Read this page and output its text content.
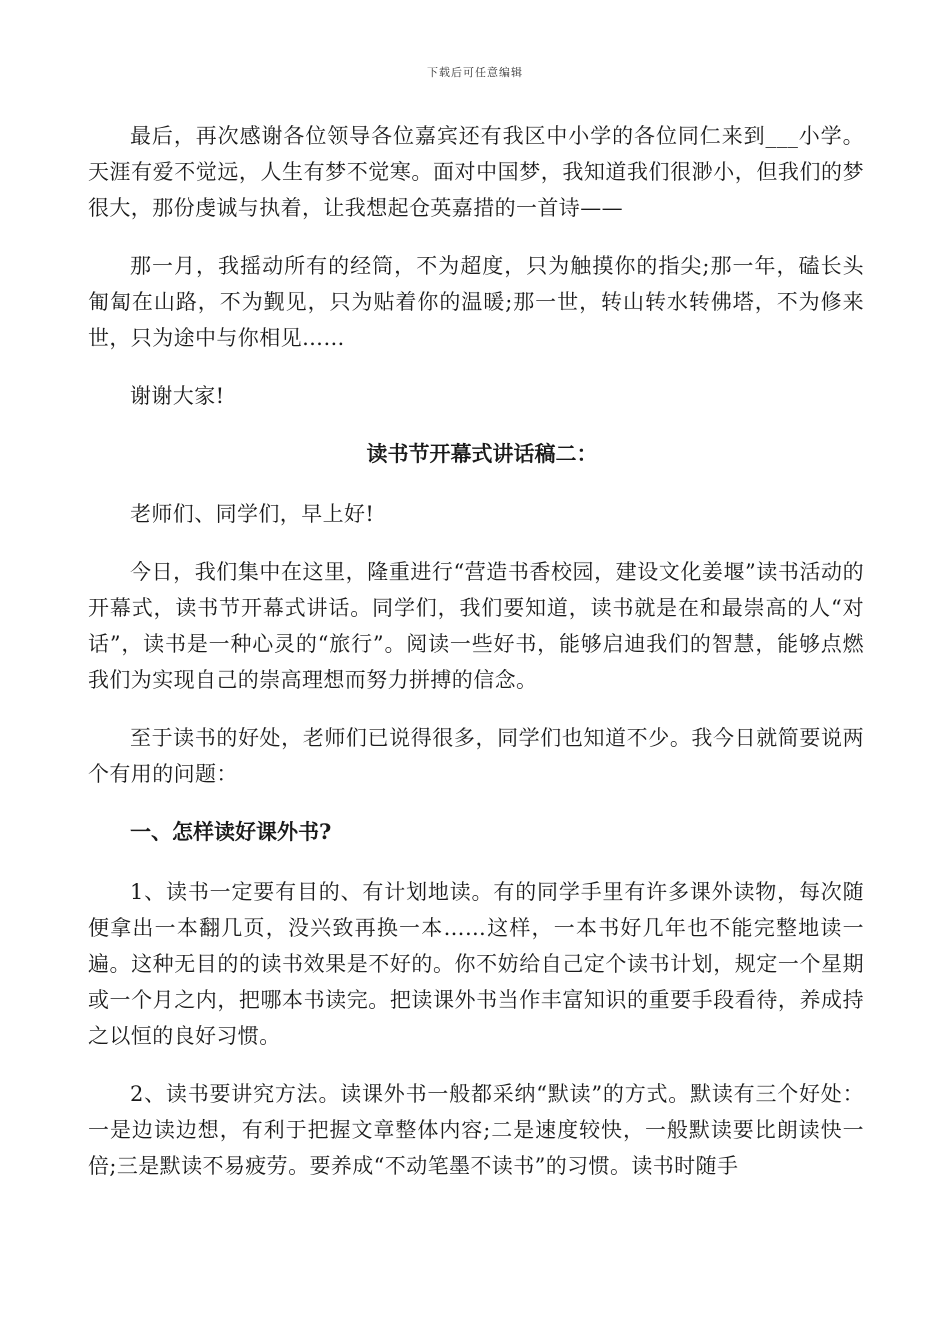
下载后可任意编辑

最后，再次感谢各位领导各位嘉宾还有我区中小学的各位同仁来到___小学。天涯有爱不觉远，人生有梦不觉寒。面对中国梦，我知道我们很渺小，但我们的梦很大，那份虔诚与执着，让我想起仓英嘉措的一首诗——

那一月，我摇动所有的经筒，不为超度，只为触摸你的指尖;那一年，磕长头匍匐在山路，不为觐见，只为贴着你的温暖;那一世，转山转水转佛塔，不为修来世，只为途中与你相见……

谢谢大家!

读书节开幕式讲话稿二：

老师们、同学们，早上好!

今日，我们集中在这里，隆重进行“营造书香校园，建设文化姜堰”读书活动的 开幕式，读书节开幕式讲话。同学们，我们要知道，读书就是在和最崇高的人“对话”，读书是一种心灵的“旅行”。阅读一些好书，能够启迪我们的智慧，能够点燃我们为实现自己的崇高理想而努力拼搏的信念。

至于读书的好处，老师们已说得很多，同学们也知道不少。我今日就简要说两个有用的问题：

一、怎样读好课外书?

1、读书一定要有目的、有计划地读。有的同学手里有许多课外读物，每次随便拿出一本翻几页，没兴致再换一本……这样，一本书好几年也不能完整地读一遍。这种无目的的读书效果是不好的。你不妨给自己定个读书计划，规定一个星期或一个月之内，把哪本书读完。把读课外书当作丰富知识的重要手段看待，养成持之以恒的良好习惯。

2、读书要讲究方法。读课外书一般都采纳“默读”的方式。默读有三个好处：一是边读边想，有利于把握文章整体内容;二是速度较快，一般默读要比朗读快一倍;三是默读不易疲劳。要养成“不动笔墨不读书”的习惯。读书时随手
